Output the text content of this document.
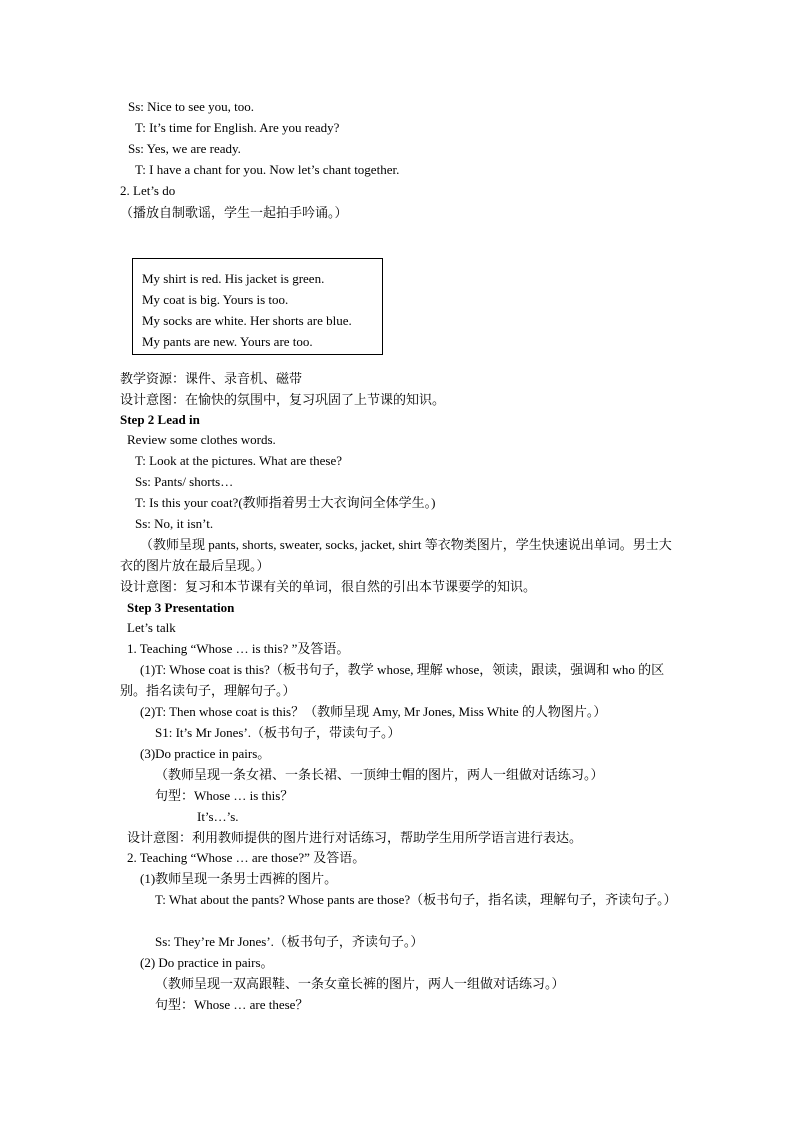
Ss: Nice to see you, too.
T: It’s time for English. Are you ready?
Ss: Yes, we are ready.
T: I have a chant for you. Now let’s chant together.
2. Let’s do
（播放自制歌谣，学生一起拍手吟诵。）
My shirt is red. His jacket is green.
My coat is big. Yours is too.
My socks are white. Her shorts are blue.
My pants are new. Yours are too.
教学资源：课件、录音机、磁带
设计意图：在愉快的氛围中，复习巩固了上节课的知识。
Step 2 Lead in
Review some clothes words.
T: Look at the pictures. What are these?
Ss: Pants/ shorts…
T: Is this your coat?(教师指着男士大衣询问全体学生。)
Ss: No, it isn’t.
（教师呈现 pants, shorts, sweater, socks, jacket, shirt 等衣物类图片，学生快速说出单词。男士大衣的图片放在最后呈现。）
设计意图：复习和本节课有关的单词，很自然的引出本节课要学的知识。
Step 3 Presentation
Let’s talk
1. Teaching “Whose … is this? ”及答语。
(1)T: Whose coat is this?（板书句子，教学 whose, 理解 whose，领读，跟读，强调和 who 的区别。指名读句子，理解句子。）
(2)T: Then whose coat is this？（教师呈现 Amy, Mr Jones, Miss White 的人物图片。）
S1: It’s Mr Jones’.（板书句子，带读句子。）
(3)Do practice in pairs。
（教师呈现一条女裙、一条长裙、一顶绅士帽的图片，两人一组做对话练习。）
句型：Whose … is this？
It’s…’s.
设计意图：利用教师提供的图片进行对话练习，帮助学生用所学语言进行表达。
2. Teaching “Whose … are those?” 及答语。
(1)教师呈现一条男士西裤的图片。
T: What about the pants? Whose pants are those?（板书句子，指名读，理解句子，齐读句子。）
Ss: They’re Mr Jones’.（板书句子，齐读句子。）
(2) Do practice in pairs。
（教师呈现一双高跟鞋、一条女童长裤的图片，两人一组做对话练习。）
句型：Whose … are these？
